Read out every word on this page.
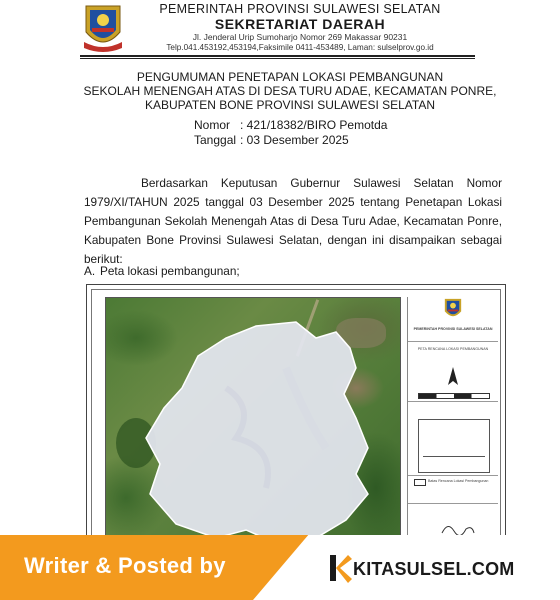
PEMERINTAH PROVINSI SULAWESI SELATAN
SEKRETARIAT DAERAH
Jl. Jenderal Urip Sumoharjo Nomor 269 Makassar 90231
Telp.041.453192,453194,Faksimile 0411-453489, Laman: sulselprov.go.id
PENGUMUMAN PENETAPAN LOKASI PEMBANGUNAN
SEKOLAH MENENGAH ATAS DI DESA TURU ADAE, KECAMATAN PONRE,
KABUPATEN BONE PROVINSI SULAWESI SELATAN
Nomor : 421/18382/BIRO Pemotda
Tanggal : 03 Desember 2025
Berdasarkan Keputusan Gubernur Sulawesi Selatan Nomor 1979/XI/TAHUN 2025 tanggal 03 Desember 2025 tentang Penetapan Lokasi Pembangunan Sekolah Menengah Atas di Desa Turu Adae, Kecamatan Ponre, Kabupaten Bone Provinsi Sulawesi Selatan, dengan ini disampaikan sebagai berikut:
A. Peta lokasi pembangunan;
PEMERINTAH PROVINSI SULAWESI SELATAN
PETA RENCANA LOKASI PEMBANGUNAN
Batas Rencana Lokasi Pembangunan
Writer & Posted by	KITASULSEL.COM
